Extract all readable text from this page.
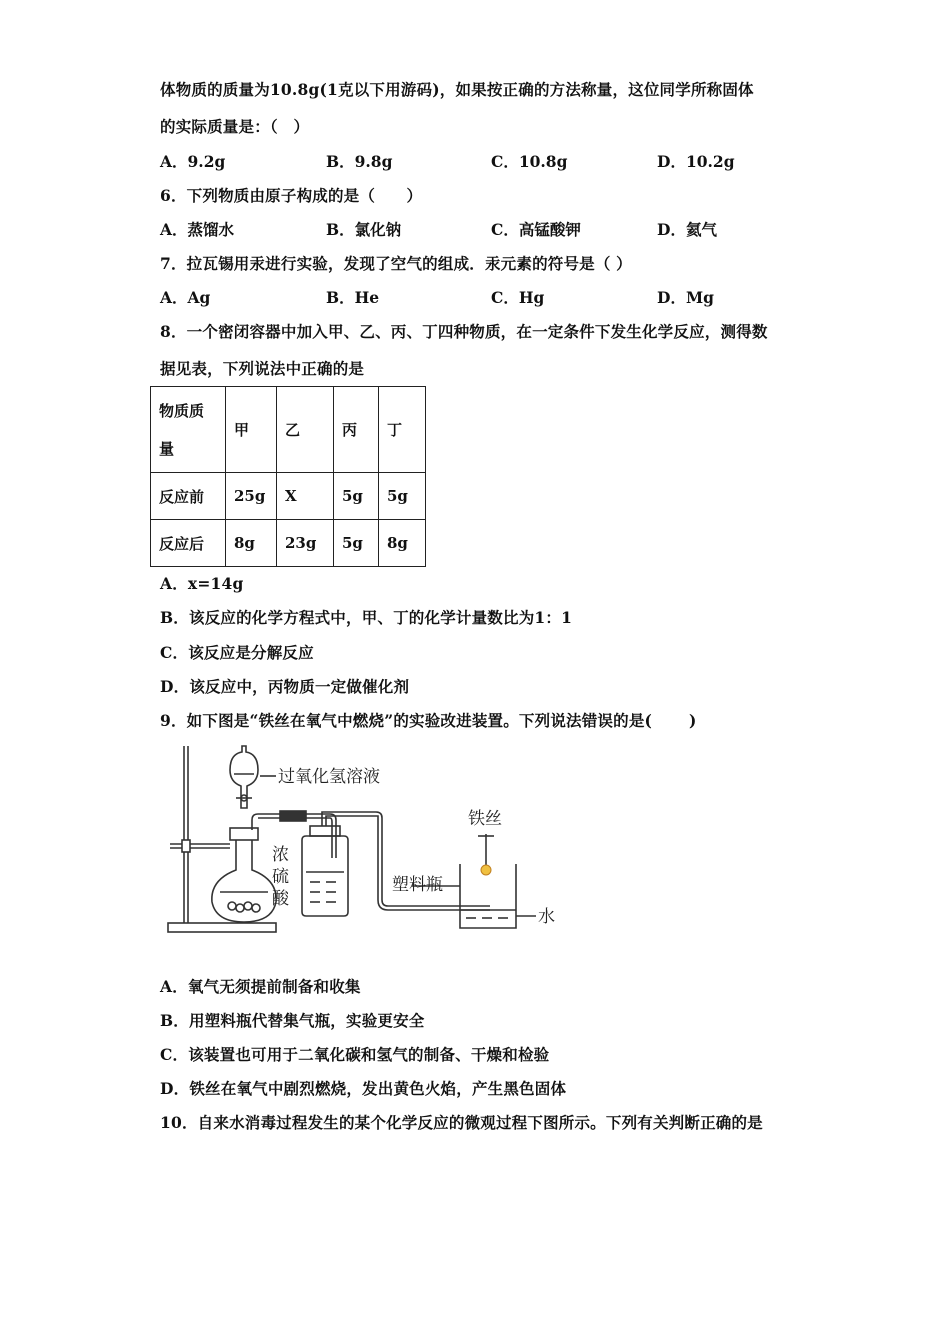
体物质的质量为10.8g(1克以下用游码)，如果按正确的方法称量，这位同学所称固体
的实际质量是：（　）
A．9.2g	B．9.8g	C．10.8g	D．10.2g
6．下列物质由原子构成的是（　　）
A．蒸馏水	B．氯化钠	C．高锰酸钾	D．氦气
7．拉瓦锡用汞进行实验，发现了空气的组成．汞元素的符号是（ ）
A．Ag	B．He	C．Hg	D．Mg
8．一个密闭容器中加入甲、乙、丙、丁四种物质，在一定条件下发生化学反应，测得数
据见表，下列说法中正确的是
物质质量	甲	乙	丙	丁
反应前	25g	X	5g	5g
反应后	8g	23g	5g	8g
A．x=14g
B．该反应的化学方程式中，甲、丁的化学计量数比为1：1
C．该反应是分解反应
D．该反应中，丙物质一定做催化剂
9．如下图是“铁丝在氧气中燃烧”的实验改进装置。下列说法错误的是(　　 )
过氧化氢溶液
铁丝
浓
硫
酸
塑料瓶
水
A．氧气无须提前制备和收集
B．用塑料瓶代替集气瓶，实验更安全
C．该装置也可用于二氧化碳和氢气的制备、干燥和检验
D．铁丝在氧气中剧烈燃烧，发出黄色火焰，产生黑色固体
10．自来水消毒过程发生的某个化学反应的微观过程下图所示。下列有关判断正确的是
